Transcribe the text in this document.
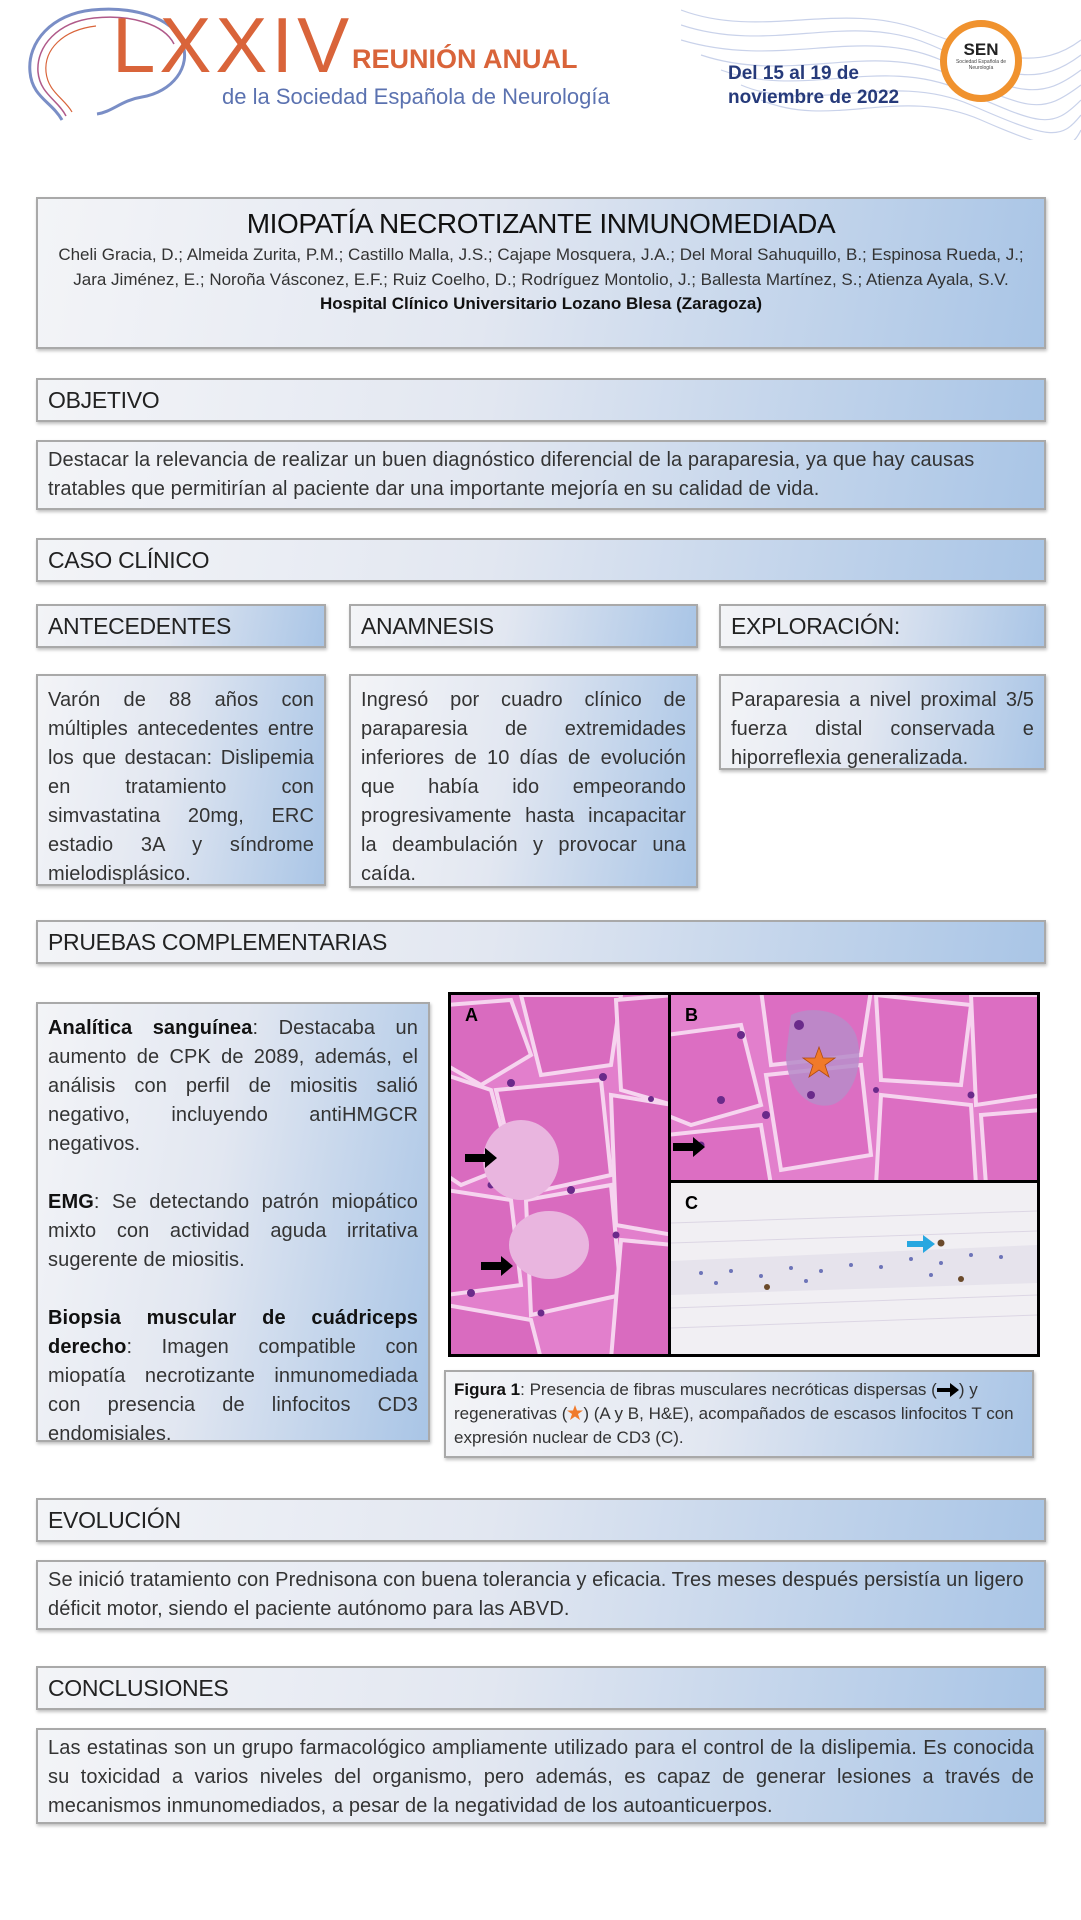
LXXIV
REUNIÓN ANUAL
de la Sociedad Española de Neurología
Del 15 al 19 de
noviembre de 2022
SEN
Sociedad Española de Neurología
MIOPATÍA NECROTIZANTE INMUNOMEDIADA
Cheli Gracia, D.; Almeida Zurita, P.M.; Castillo Malla, J.S.; Cajape Mosquera, J.A.; Del Moral Sahuquillo, B.; Espinosa Rueda, J.; Jara Jiménez, E.; Noroña Vásconez, E.F.; Ruiz Coelho, D.; Rodríguez Montolio, J.; Ballesta Martínez, S.; Atienza Ayala, S.V.
Hospital Clínico Universitario Lozano Blesa (Zaragoza)
OBJETIVO
Destacar la relevancia de realizar un buen diagnóstico diferencial de la paraparesia, ya que hay causas tratables que permitirían al paciente dar una importante mejoría en su calidad de vida.
CASO CLÍNICO
ANTECEDENTES
Varón de 88 años con múltiples antecedentes entre los que destacan: Dislipemia en tratamiento con simvastatina 20mg, ERC estadio 3A y síndrome mielodisplásico.
ANAMNESIS
Ingresó por cuadro clínico de paraparesia de extremidades inferiores de 10 días de evolución que había ido empeorando progresivamente hasta incapacitar la deambulación y provocar una caída.
EXPLORACIÓN:
Paraparesia a nivel proximal 3/5 fuerza distal conservada e hiporreflexia generalizada.
PRUEBAS COMPLEMENTARIAS
Analítica sanguínea: Destacaba un aumento de CPK de 2089, además, el análisis con perfil de miositis salió negativo, incluyendo antiHMGCR negativos.
EMG: Se detectando patrón miopático mixto con actividad aguda irritativa sugerente de miositis.
Biopsia muscular de cuádriceps derecho: Imagen compatible con miopatía necrotizante inmunomediada con presencia de linfocitos CD3 endomisiales.
A	B
C
Figura 1: Presencia de fibras musculares necróticas dispersas ( ) y regenerativas ( ) (A y B, H&E), acompañados de escasos linfocitos T con expresión nuclear de CD3 (C).
EVOLUCIÓN
Se inició tratamiento con Prednisona con buena tolerancia y eficacia. Tres meses después persistía un ligero déficit motor, siendo el paciente autónomo para las ABVD.
CONCLUSIONES
Las estatinas son un grupo farmacológico ampliamente utilizado para el control de la dislipemia. Es conocida su toxicidad a varios niveles del organismo, pero además, es capaz de generar lesiones a través de mecanismos inmunomediados, a pesar de la negatividad de los autoanticuerpos.
